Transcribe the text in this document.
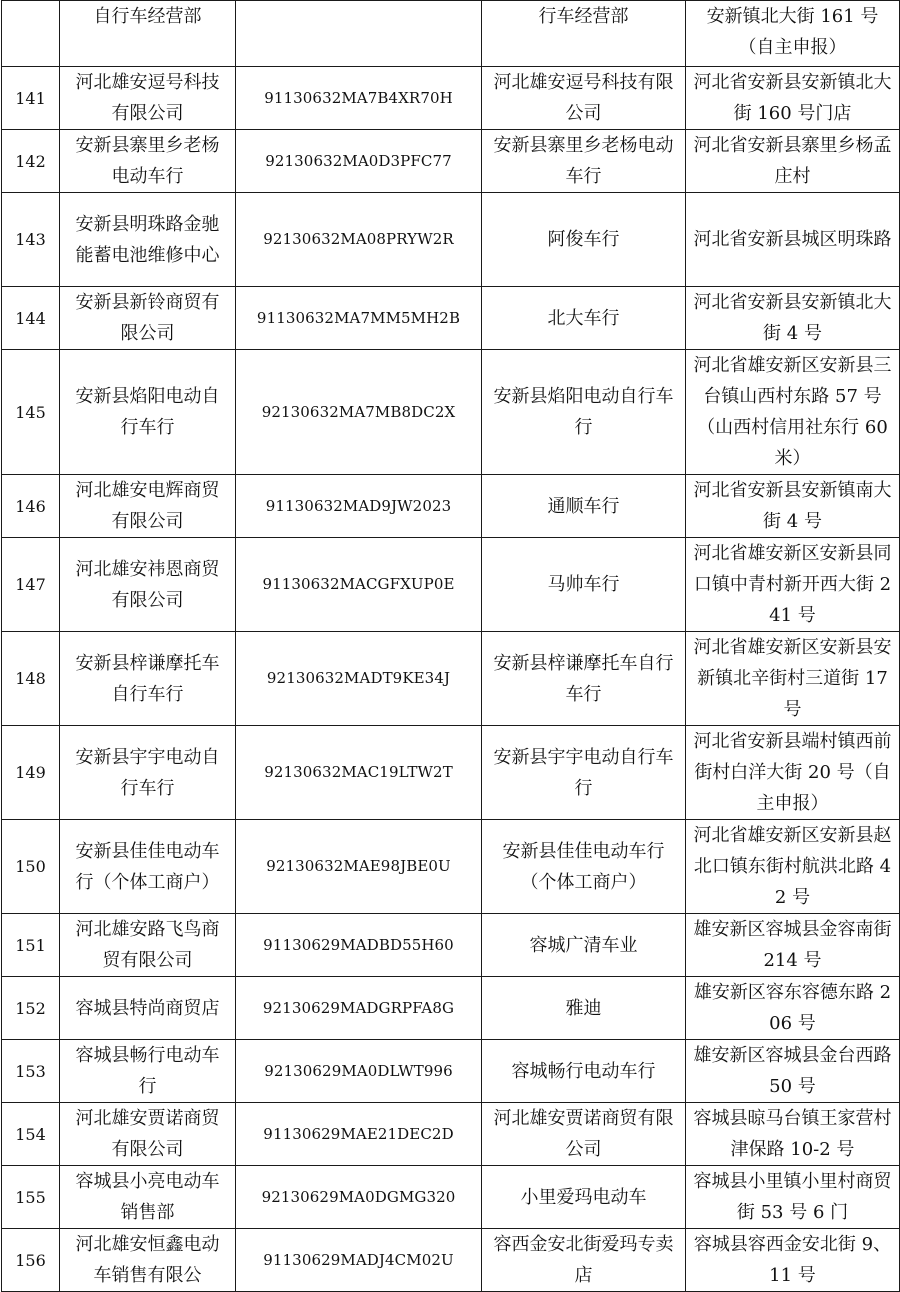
	自行车经营部		行车经营部	安新镇北大街 161 号（自主申报）
141	河北雄安逗号科技有限公司	91130632MA7B4XR70H	河北雄安逗号科技有限公司	河北省安新县安新镇北大街 160 号门店
142	安新县寨里乡老杨电动车行	92130632MA0D3PFC77	安新县寨里乡老杨电动车行	河北省安新县寨里乡杨孟庄村
143	安新县明珠路金驰能蓄电池维修中心	92130632MA08PRYW2R	阿俊车行	河北省安新县城区明珠路
144	安新县新铃商贸有限公司	91130632MA7MM5MH2B	北大车行	河北省安新县安新镇北大街 4 号
145	安新县焰阳电动自行车行	92130632MA7MB8DC2X	安新县焰阳电动自行车行	河北省雄安新区安新县三台镇山西村东路 57 号（山西村信用社东行 60 米）
146	河北雄安电辉商贸有限公司	91130632MAD9JW2023	通顺车行	河北省安新县安新镇南大街 4 号
147	河北雄安祎恩商贸有限公司	91130632MACGFXUP0E	马帅车行	河北省雄安新区安新县同口镇中青村新开西大街 241 号
148	安新县梓谦摩托车自行车行	92130632MADT9KE34J	安新县梓谦摩托车自行车行	河北省雄安新区安新县安新镇北辛街村三道街 17 号
149	安新县宇宇电动自行车行	92130632MAC19LTW2T	安新县宇宇电动自行车行	河北省安新县端村镇西前街村白洋大街 20 号（自主申报）
150	安新县佳佳电动车行（个体工商户）	92130632MAE98JBE0U	安新县佳佳电动车行（个体工商户）	河北省雄安新区安新县赵北口镇东街村航洪北路 42 号
151	河北雄安路飞鸟商贸有限公司	91130629MADBD55H60	容城广清车业	雄安新区容城县金容南街 214 号
152	容城县特尚商贸店	92130629MADGRPFA8G	雅迪	雄安新区容东容德东路 206 号
153	容城县畅行电动车行	92130629MA0DLWT996	容城畅行电动车行	雄安新区容城县金台西路 50 号
154	河北雄安贾诺商贸有限公司	91130629MAE21DEC2D	河北雄安贾诺商贸有限公司	容城县晾马台镇王家营村津保路 10-2 号
155	容城县小亮电动车销售部	92130629MA0DGMG320	小里爱玛电动车	容城县小里镇小里村商贸街 53 号 6 门
156	河北雄安恒鑫电动车销售有限公	91130629MADJ4CM02U	容西金安北街爱玛专卖店	容城县容西金安北街 9、11 号
